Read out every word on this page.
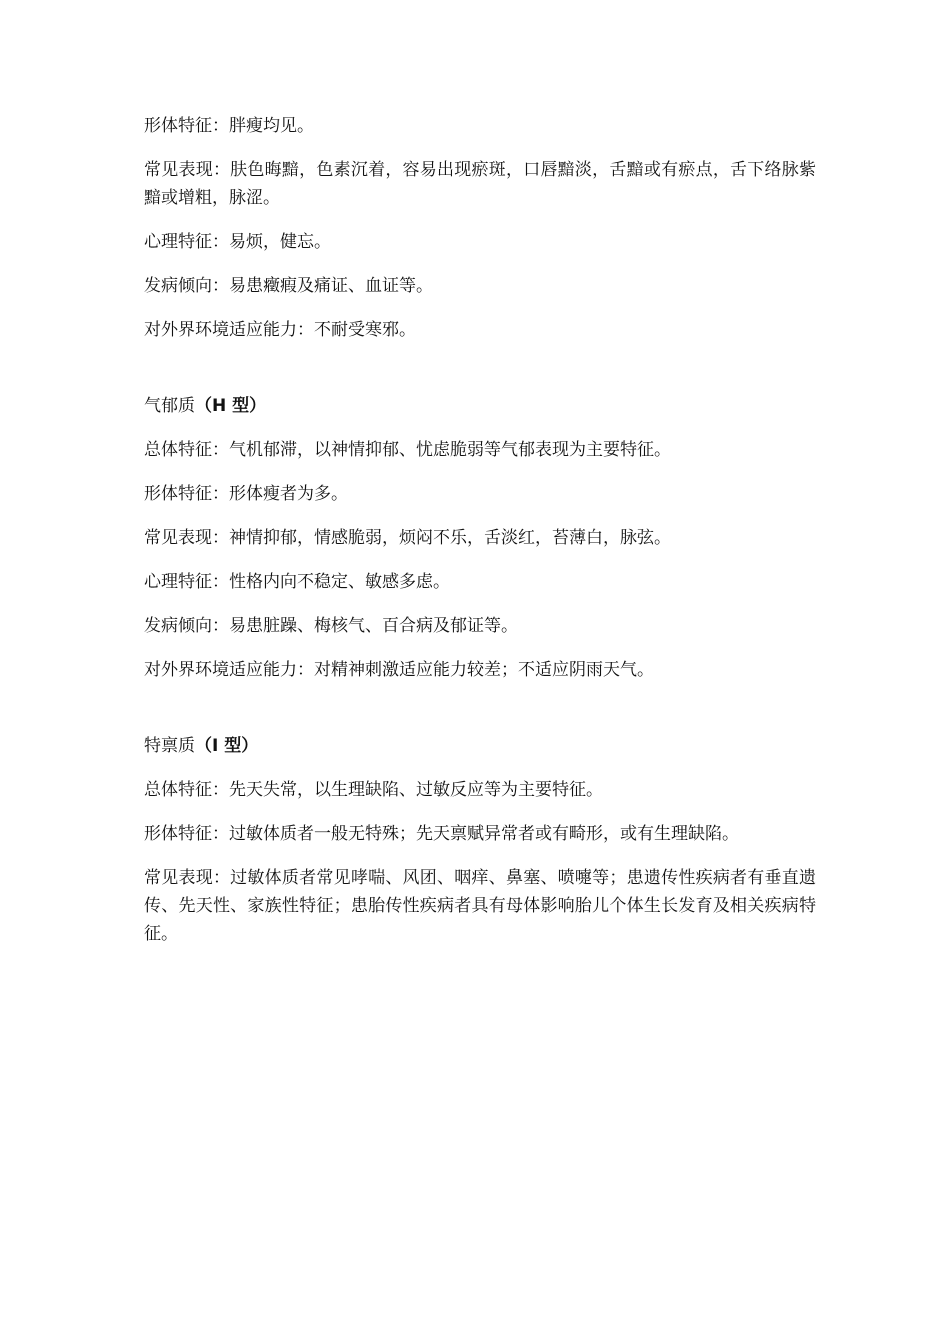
形体特征：胖瘦均见。

常见表现：肤色晦黯，色素沉着，容易出现瘀斑，口唇黯淡，舌黯或有瘀点，舌下络脉紫黯或增粗，脉涩。

心理特征：易烦，健忘。

发病倾向：易患癥瘕及痛证、血证等。

对外界环境适应能力：不耐受寒邪。

气郁质（H 型）

总体特征：气机郁滞，以神情抑郁、忧虑脆弱等气郁表现为主要特征。

形体特征：形体瘦者为多。

常见表现：神情抑郁，情感脆弱，烦闷不乐，舌淡红，苔薄白，脉弦。

心理特征：性格内向不稳定、敏感多虑。

发病倾向：易患脏躁、梅核气、百合病及郁证等。

对外界环境适应能力：对精神刺激适应能力较差；不适应阴雨天气。

特禀质（I 型）

总体特征：先天失常，以生理缺陷、过敏反应等为主要特征。

形体特征：过敏体质者一般无特殊；先天禀赋异常者或有畸形，或有生理缺陷。

常见表现：过敏体质者常见哮喘、风团、咽痒、鼻塞、喷嚏等；患遗传性疾病者有垂直遗传、先天性、家族性特征；患胎传性疾病者具有母体影响胎儿个体生长发育及相关疾病特征。
